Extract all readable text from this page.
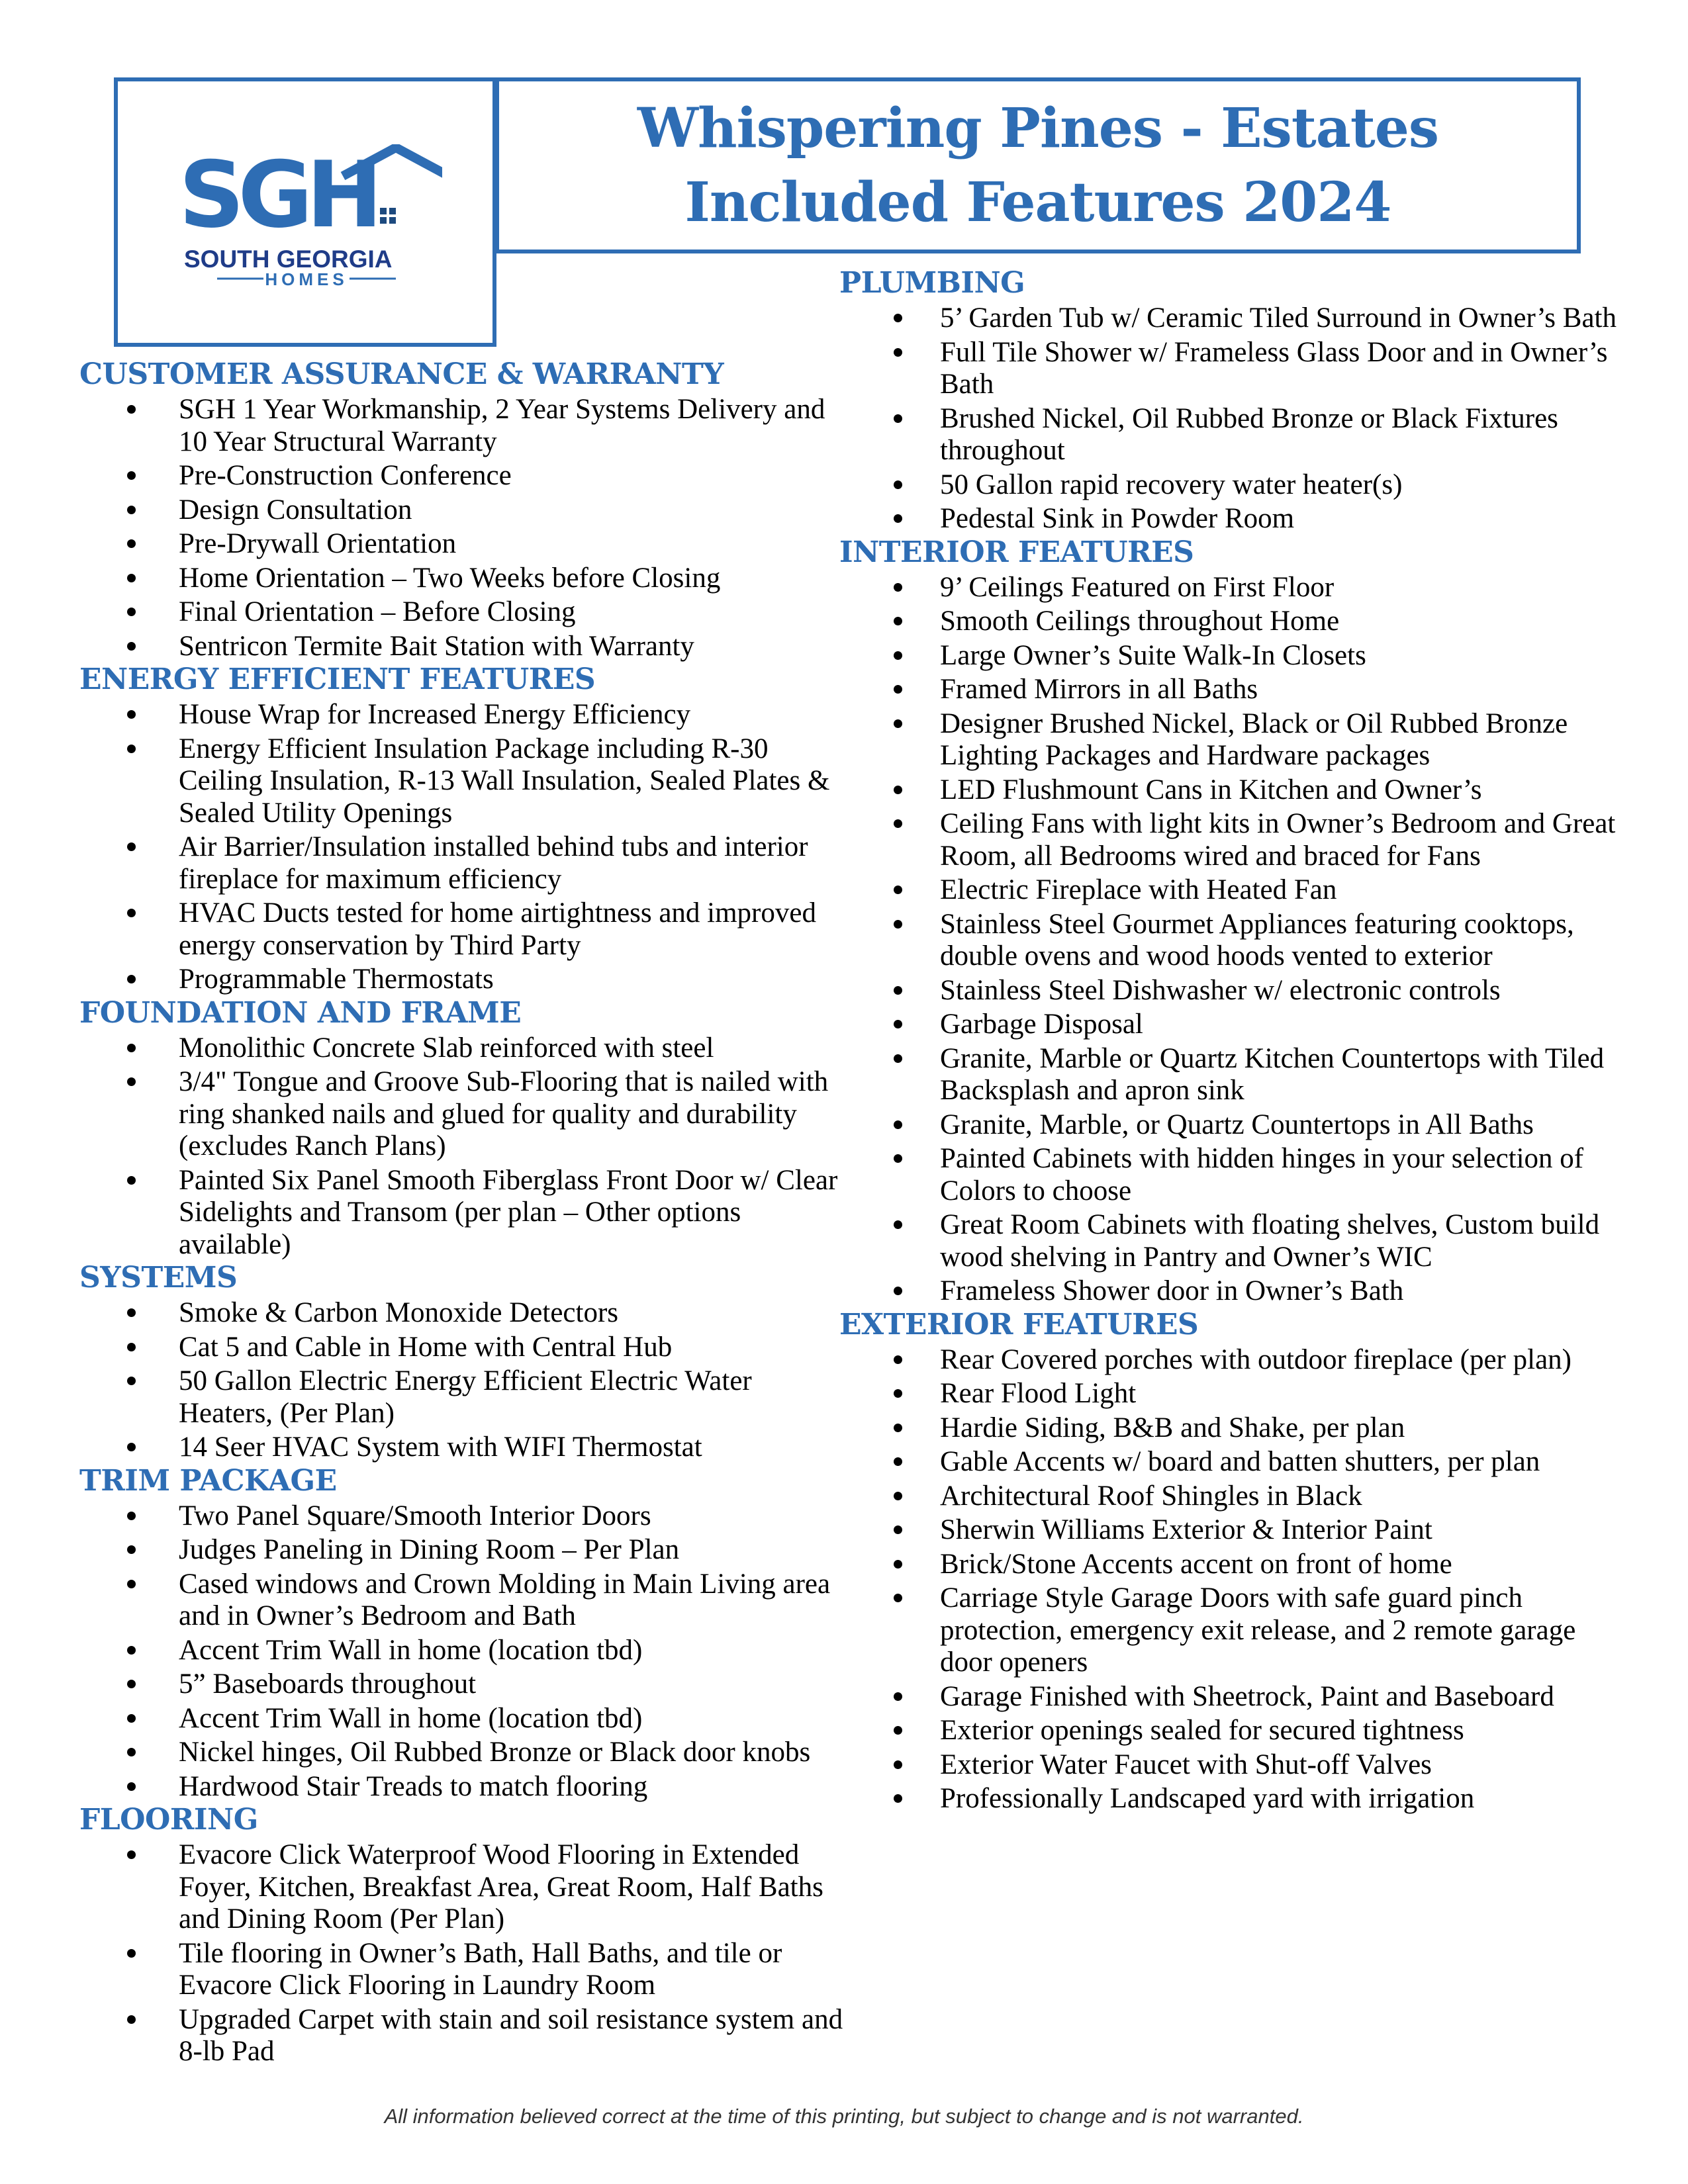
SGH
SOUTH GEORGIA
HOMES
Whispering Pines - Estates
Included Features 2024
CUSTOMER ASSURANCE & WARRANTY
SGH 1 Year Workmanship, 2 Year Systems Delivery and 10 Year Structural Warranty
Pre-Construction Conference
Design Consultation
Pre-Drywall Orientation
Home Orientation – Two Weeks before Closing
Final Orientation – Before Closing
Sentricon Termite Bait Station with Warranty
ENERGY EFFICIENT FEATURES
House Wrap for Increased Energy Efficiency
Energy Efficient Insulation Package including R-30 Ceiling Insulation, R-13 Wall Insulation, Sealed Plates & Sealed Utility Openings
Air Barrier/Insulation installed behind tubs and interior fireplace for maximum efficiency
HVAC Ducts tested for home airtightness and improved energy conservation by Third Party
Programmable Thermostats
FOUNDATION AND FRAME
Monolithic Concrete Slab reinforced with steel
3/4" Tongue and Groove Sub-Flooring that is nailed with ring shanked nails and glued for quality and durability (excludes Ranch Plans)
Painted Six Panel Smooth Fiberglass Front Door w/ Clear Sidelights and Transom (per plan – Other options available)
SYSTEMS
Smoke & Carbon Monoxide Detectors
Cat 5 and Cable in Home with Central Hub
50 Gallon Electric Energy Efficient Electric Water Heaters, (Per Plan)
14 Seer HVAC System with WIFI Thermostat
TRIM PACKAGE
Two Panel Square/Smooth Interior Doors
Judges Paneling in Dining Room – Per Plan
Cased windows and Crown Molding in Main Living area and in Owner’s Bedroom and Bath
Accent Trim Wall in home (location tbd)
5” Baseboards throughout
Accent Trim Wall in home (location tbd)
Nickel hinges, Oil Rubbed Bronze or Black door knobs
Hardwood Stair Treads to match flooring
FLOORING
Evacore Click Waterproof Wood Flooring in Extended Foyer, Kitchen, Breakfast Area, Great Room, Half Baths and Dining Room (Per Plan)
Tile flooring in Owner’s Bath, Hall Baths, and tile or Evacore Click Flooring in Laundry Room
Upgraded Carpet with stain and soil resistance system and 8-lb Pad
PLUMBING
5’ Garden Tub w/ Ceramic Tiled Surround in Owner’s Bath
Full Tile Shower w/ Frameless Glass Door and in Owner’s Bath
Brushed Nickel, Oil Rubbed Bronze or Black Fixtures throughout
50 Gallon rapid recovery water heater(s)
Pedestal Sink in Powder Room
INTERIOR FEATURES
9’ Ceilings Featured on First Floor
Smooth Ceilings throughout Home
Large Owner’s Suite Walk-In Closets
Framed Mirrors in all Baths
Designer Brushed Nickel, Black or Oil Rubbed Bronze Lighting Packages and Hardware packages
LED Flushmount Cans in Kitchen and Owner’s
Ceiling Fans with light kits in Owner’s Bedroom and Great Room, all Bedrooms wired and braced for Fans
Electric Fireplace with Heated Fan
Stainless Steel Gourmet Appliances featuring cooktops, double ovens and wood hoods vented to exterior
Stainless Steel Dishwasher w/ electronic controls
Garbage Disposal
Granite, Marble or Quartz Kitchen Countertops with Tiled Backsplash and apron sink
Granite, Marble, or Quartz Countertops in All Baths
Painted Cabinets with hidden hinges in your selection of Colors to choose
Great Room Cabinets with floating shelves, Custom build wood shelving in Pantry and Owner’s WIC
Frameless Shower door in Owner’s Bath
EXTERIOR FEATURES
Rear Covered porches with outdoor fireplace (per plan)
Rear Flood Light
Hardie Siding, B&B and Shake, per plan
Gable Accents w/ board and batten shutters, per plan
Architectural Roof Shingles in Black
Sherwin Williams Exterior & Interior Paint
Brick/Stone Accents accent on front of home
Carriage Style Garage Doors with safe guard pinch protection, emergency exit release, and 2 remote garage door openers
Garage Finished with Sheetrock, Paint and Baseboard
Exterior openings sealed for secured tightness
Exterior Water Faucet with Shut-off Valves
Professionally Landscaped yard with irrigation
All information believed correct at the time of this printing, but subject to change and is not warranted.
